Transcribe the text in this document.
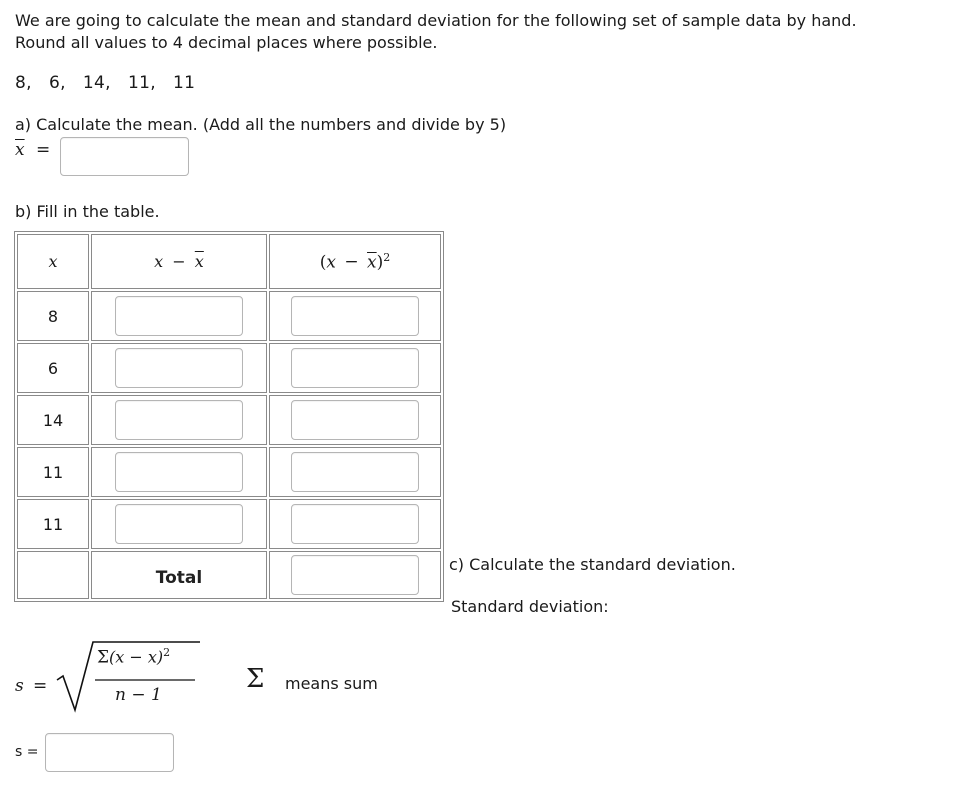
We are going to calculate the mean and standard deviation for the following set of sample data by hand.
Round all values to 4 decimal places where possible.
8, 6, 14, 11, 11
a) Calculate the mean. (Add all the numbers and divide by 5)
$\overline{x}$ =
b) Fill in the table.
x	$x - \overline{x}$	$(x - \overline{x})^2$
8
6
14
11
11
Total
c) Calculate the standard deviation.
Standard deviation:
s =
$\Sigma(x - x)^2$
n − 1
Σ means sum
s =
